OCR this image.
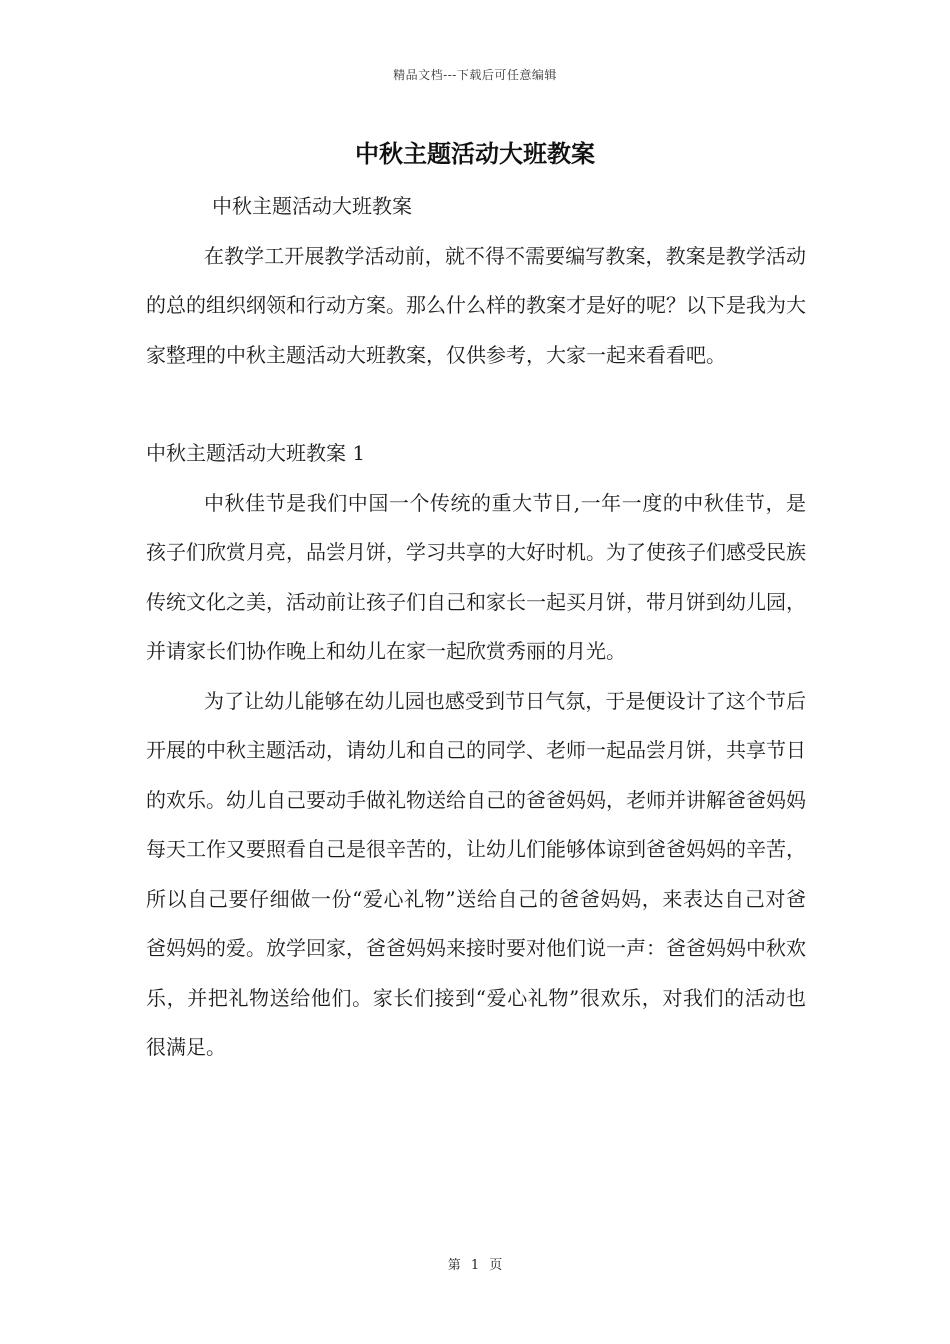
精品文档---下载后可任意编辑
中秋主题活动大班教案

中秋主题活动大班教案

在教学工开展教学活动前，就不得不需要编写教案，教案是教学活动的总的组织纲领和行动方案。那么什么样的教案才是好的呢？以下是我为大家整理的中秋主题活动大班教案，仅供参考，大家一起来看看吧。

中秋主题活动大班教案 1

中秋佳节是我们中国一个传统的重大节日,一年一度的中秋佳节，是孩子们欣赏月亮，品尝月饼，学习共享的大好时机。为了使孩子们感受民族传统文化之美，活动前让孩子们自己和家长一起买月饼，带月饼到幼儿园，并请家长们协作晚上和幼儿在家一起欣赏秀丽的月光。

为了让幼儿能够在幼儿园也感受到节日气氛，于是便设计了这个节后开展的中秋主题活动，请幼儿和自己的同学、老师一起品尝月饼，共享节日的欢乐。幼儿自己要动手做礼物送给自己的爸爸妈妈，老师并讲解爸爸妈妈每天工作又要照看自己是很辛苦的，让幼儿们能够体谅到爸爸妈妈的辛苦，所以自己要仔细做一份“爱心礼物”送给自己的爸爸妈妈，来表达自己对爸爸妈妈的爱。放学回家，爸爸妈妈来接时要对他们说一声：爸爸妈妈中秋欢乐，并把礼物送给他们。家长们接到“爱心礼物”很欢乐，对我们的活动也很满足。

第 1 页
